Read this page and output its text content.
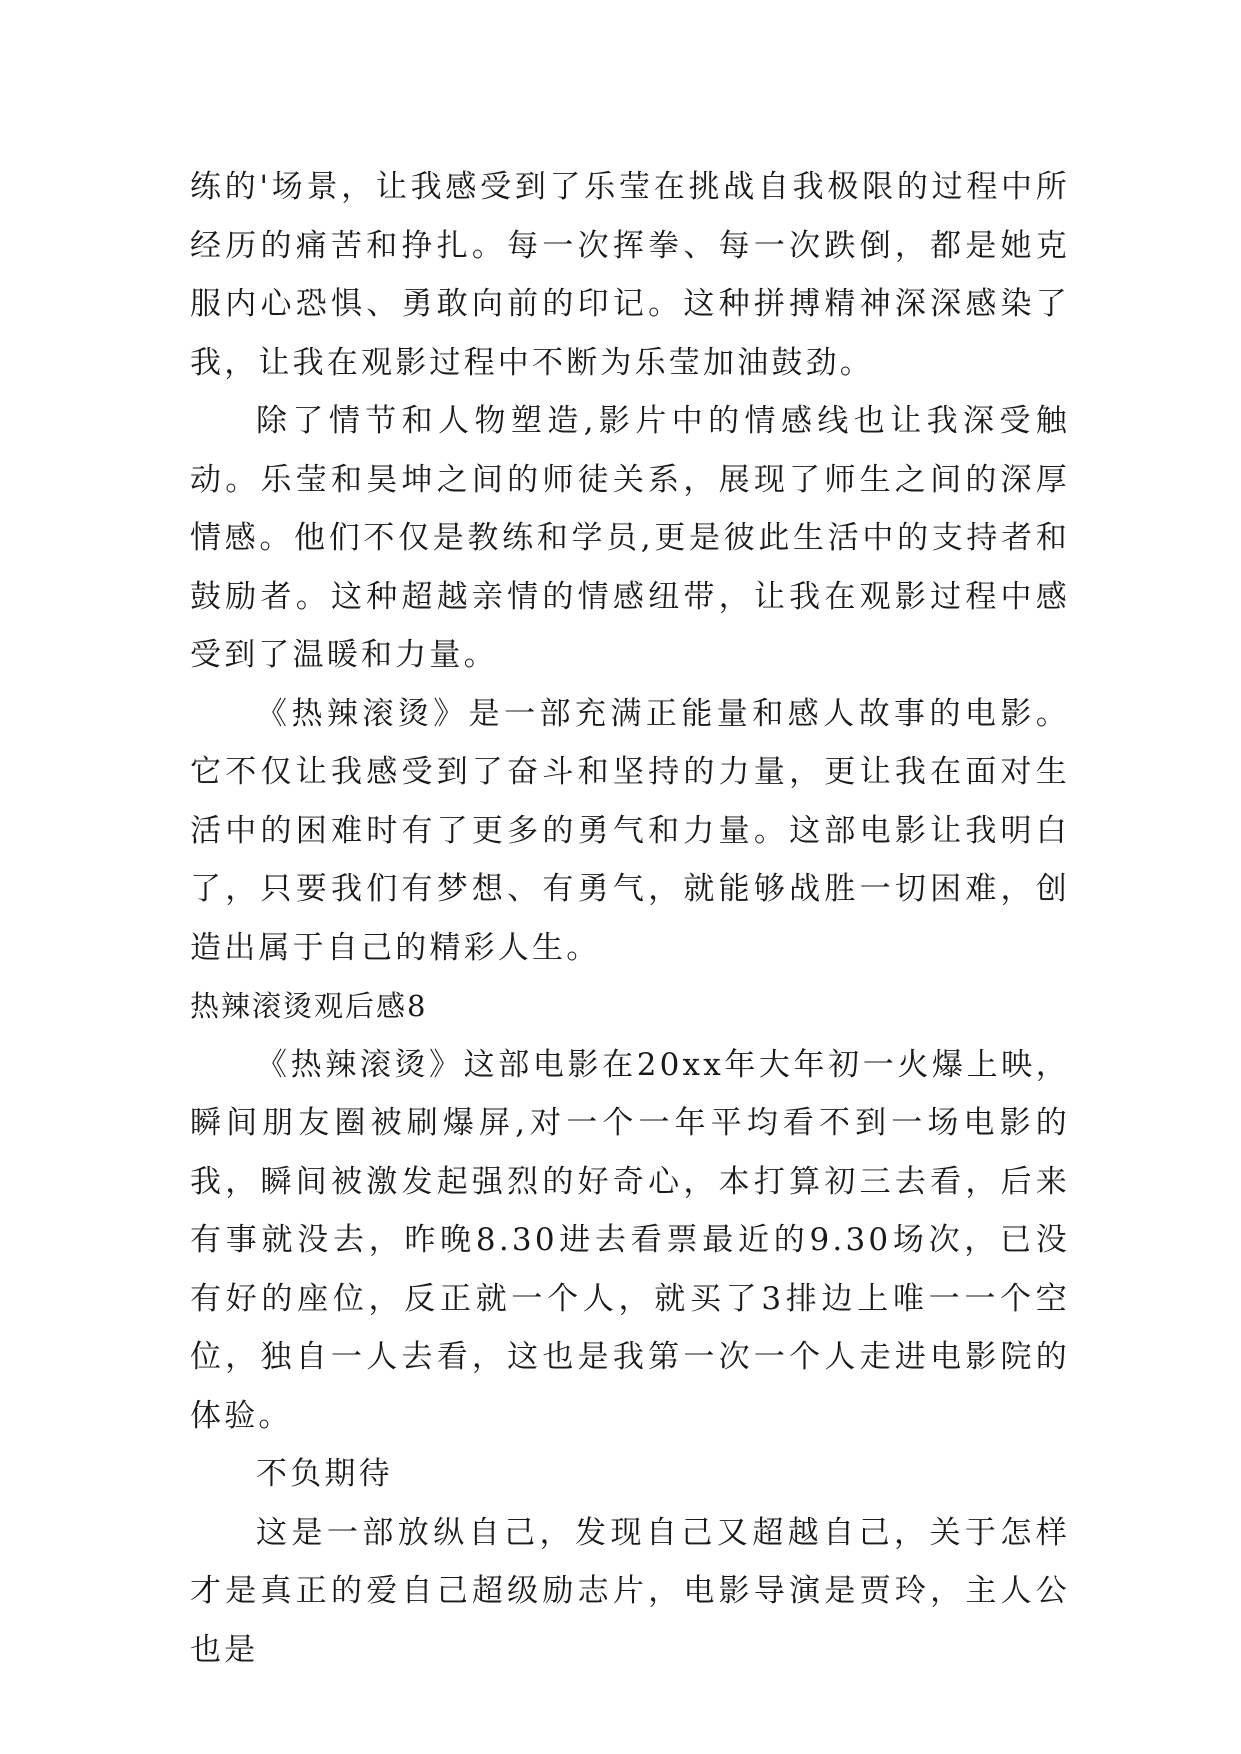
练的'场景，让我感受到了乐莹在挑战自我极限的过程中所经历的痛苦和挣扎。每一次挥拳、每一次跌倒，都是她克服内心恐惧、勇敢向前的印记。这种拼搏精神深深感染了我，让我在观影过程中不断为乐莹加油鼓劲。

除了情节和人物塑造,影片中的情感线也让我深受触动。乐莹和昊坤之间的师徒关系，展现了师生之间的深厚情感。他们不仅是教练和学员,更是彼此生活中的支持者和鼓励者。这种超越亲情的情感纽带，让我在观影过程中感受到了温暖和力量。

《热辣滚烫》是一部充满正能量和感人故事的电影。它不仅让我感受到了奋斗和坚持的力量，更让我在面对生活中的困难时有了更多的勇气和力量。这部电影让我明白了，只要我们有梦想、有勇气，就能够战胜一切困难，创造出属于自己的精彩人生。

热辣滚烫观后感8

《热辣滚烫》这部电影在20xx年大年初一火爆上映，瞬间朋友圈被刷爆屏,对一个一年平均看不到一场电影的我，瞬间被激发起强烈的好奇心，本打算初三去看，后来有事就没去，昨晚8.30进去看票最近的9.30场次，已没有好的座位，反正就一个人，就买了3排边上唯一一个空位，独自一人去看，这也是我第一次一个人走进电影院的体验。

不负期待

这是一部放纵自己，发现自己又超越自己，关于怎样才是真正的爱自己超级励志片，电影导演是贾玲，主人公也是
